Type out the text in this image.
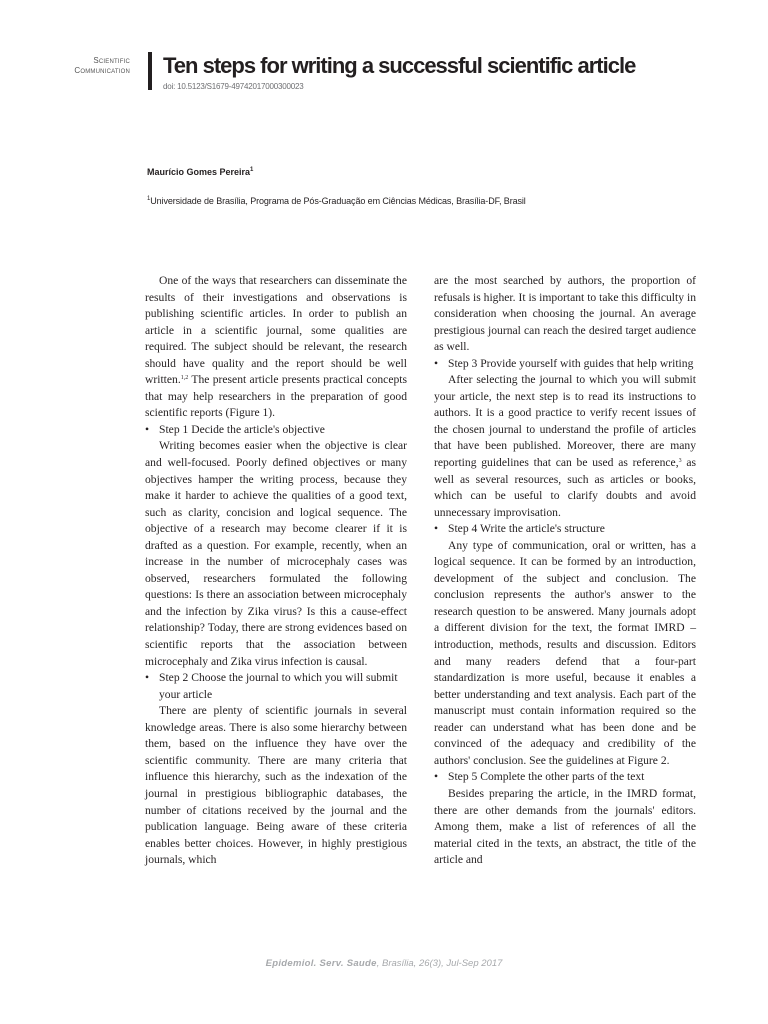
Scientific
Communication Ten steps for writing a successful scientific article
doi: 10.5123/S1679-49742017000300023
Maurício Gomes Pereira$^1$
$^1$Universidade de Brasília, Programa de Pós-Graduação em Ciências Médicas, Brasília-DF, Brasil

One of the ways that researchers can disseminate the results of their investigations and observations is publishing scientific articles. In order to publish an article in a scientific journal, some qualities are required. The subject should be relevant, the research should have quality and the report should be well written.$^{1,2}$ The present article presents practical concepts that may help researchers in the preparation of good scientific reports (Figure 1).

• Step 1 Decide the article's objective

Writing becomes easier when the objective is clear and well-focused. Poorly defined objectives or many objectives hamper the writing process, because they make it harder to achieve the qualities of a good text, such as clarity, concision and logical sequence. The objective of a research may become clearer if it is drafted as a question. For example, recently, when an increase in the number of microcephaly cases was observed, researchers formulated the following questions: Is there an association between microcephaly and the infection by Zika virus? Is this a cause-effect relationship? Today, there are strong evidences based on scientific reports that the association between microcephaly and Zika virus infection is causal.

• Step 2 Choose the journal to which you will submit your article

There are plenty of scientific journals in several knowledge areas. There is also some hierarchy between them, based on the influence they have over the scientific community. There are many criteria that influence this hierarchy, such as the indexation of the journal in prestigious bibliographic databases, the number of citations received by the journal and the publication language. Being aware of these criteria enables better choices. However, in highly prestigious journals, which

are the most searched by authors, the proportion of refusals is higher. It is important to take this difficulty in consideration when choosing the journal. An average prestigious journal can reach the desired target audience as well.

• Step 3 Provide yourself with guides that help writing

After selecting the journal to which you will submit your article, the next step is to read its instructions to authors. It is a good practice to verify recent issues of the chosen journal to understand the profile of articles that have been published. Moreover, there are many reporting guidelines that can be used as reference,$^3$ as well as several resources, such as articles or books, which can be useful to clarify doubts and avoid unnecessary improvisation.

• Step 4 Write the article's structure

Any type of communication, oral or written, has a logical sequence. It can be formed by an introduction, development of the subject and conclusion. The conclusion represents the author's answer to the research question to be answered. Many journals adopt a different division for the text, the format IMRD – introduction, methods, results and discussion. Editors and many readers defend that a four-part standardization is more useful, because it enables a better understanding and text analysis. Each part of the manuscript must contain information required so the reader can understand what has been done and be convinced of the adequacy and credibility of the authors' conclusion. See the guidelines at Figure 2.

• Step 5 Complete the other parts of the text

Besides preparing the article, in the IMRD format, there are other demands from the journals' editors. Among them, make a list of references of all the material cited in the texts, an abstract, the title of the article and

Epidemiol. Serv. Saude, Brasília, 26(3), Jul-Sep 2017
